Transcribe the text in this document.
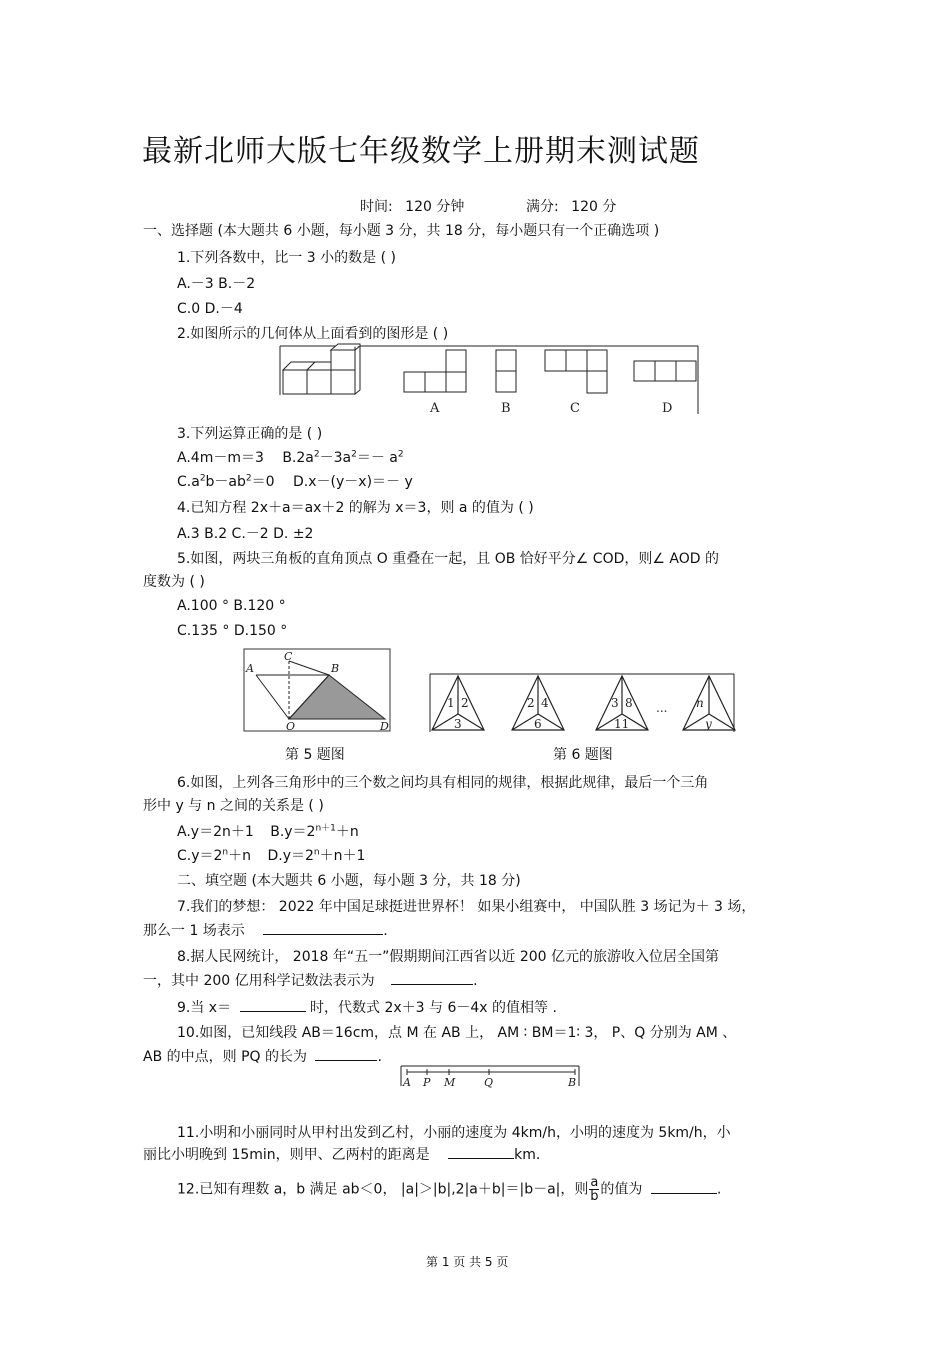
最新北师大版七年级数学上册期末测试题
时间: 120 分钟	满分: 120 分
一、选择题 (本大题共 6 小题，每小题 3 分，共 18 分，每小题只有一个正确选项 )
1.下列各数中，比一 3 小的数是 ( )
A.－3 B.－2
C.0 D.－4
2.如图所示的几何体从上面看到的图形是 ( )
A	B	C	D
3.下列运算正确的是 ( )
A.4m－m＝3 $B.2a^2-3a^2=- a^2$
$C.a^2b-ab^2=0$ D.x－(y－x)＝－ y
4.已知方程 2x＋a＝ax＋2 的解为 x＝3，则 a 的值为 ( )
A.3 B.2 C.－2 D. ±2
5.如图，两块三角板的直角顶点 O 重叠在一起，且 OB 恰好平分∠ COD，则∠ AOD 的
度数为 ( )
A.100 ° B.120 °
C.135 ° D.150 °
A
C
B
O	D
1 2
3
2 4
6
3 8
11
... n
y
第 5 题图	第 6 题图
6.如图，上列各三角形中的三个数之间均具有相同的规律，根据此规律，最后一个三角
形中 y 与 n 之间的关系是 ( )
A.y＝2n＋1 $B.y=2^{n+1}+n$
$C.y=2^n+n$ $D.y=2^n+n+1$
二、填空题 (本大题共 6 小题，每小题 3 分，共 18 分)
7.我们的梦想： 2022 年中国足球挺进世界杯！ 如果小组赛中， 中国队胜 3 场记为＋ 3 场，
那么一 1 场表示	.
8.据人民网统计， 2018 年“五一”假期期间江西省以近 200 亿元的旅游收入位居全国第
一，其中 200 亿用科学记数法表示为	.
9.当 x＝	时，代数式 2x＋3 与 6－4x 的值相等 .
10.如图，已知线段 AB＝16cm，点 M 在 AB 上， AM ∶ BM＝1∶ 3， P、Q 分别为 AM 、
AB 的中点，则 PQ 的长为	.
A P M	Q	B
11.小明和小丽同时从甲村出发到乙村，小丽的速度为 4km/h，小明的速度为 5km/h，小
丽比小明晚到 15min，则甲、乙两村的距离是	km.
12.已知有理数 a，b 满足 ab＜0， |a|＞|b|,2|a＋b|＝|b－a|，则 $\frac{a}{b}$ 的值为	.
第 1 页 共 5 页
